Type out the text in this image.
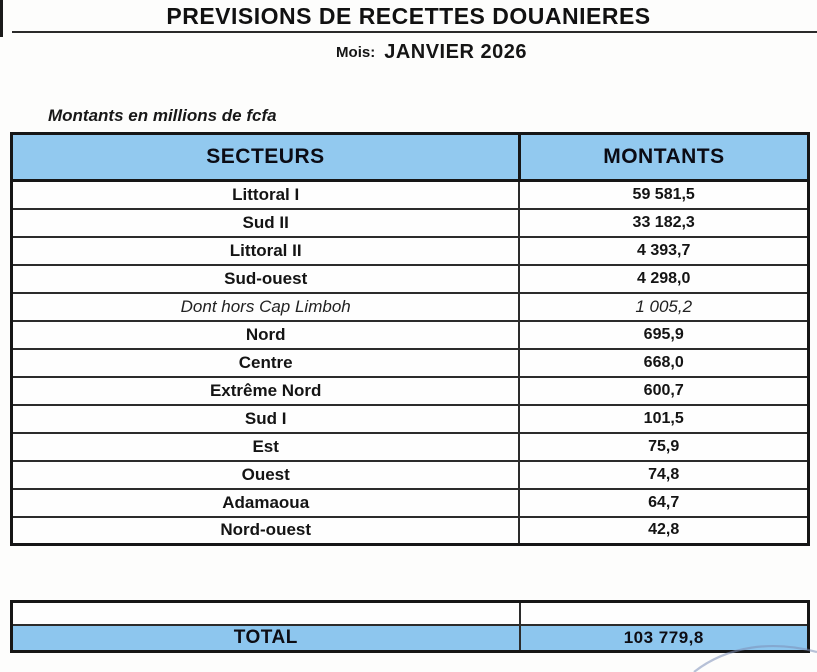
PREVISIONS DE RECETTES DOUANIERES
Mois: JANVIER 2026
Montants en millions de fcfa
SECTEURS	MONTANTS
Littoral I	59 581,5
Sud II	33 182,3
Littoral II	4 393,7
Sud-ouest	4 298,0
Dont hors Cap Limboh	1 005,2
Nord	695,9
Centre	668,0
Extrême Nord	600,7
Sud I	101,5
Est	75,9
Ouest	74,8
Adamaoua	64,7
Nord-ouest	42,8

TOTAL	103 779,8
